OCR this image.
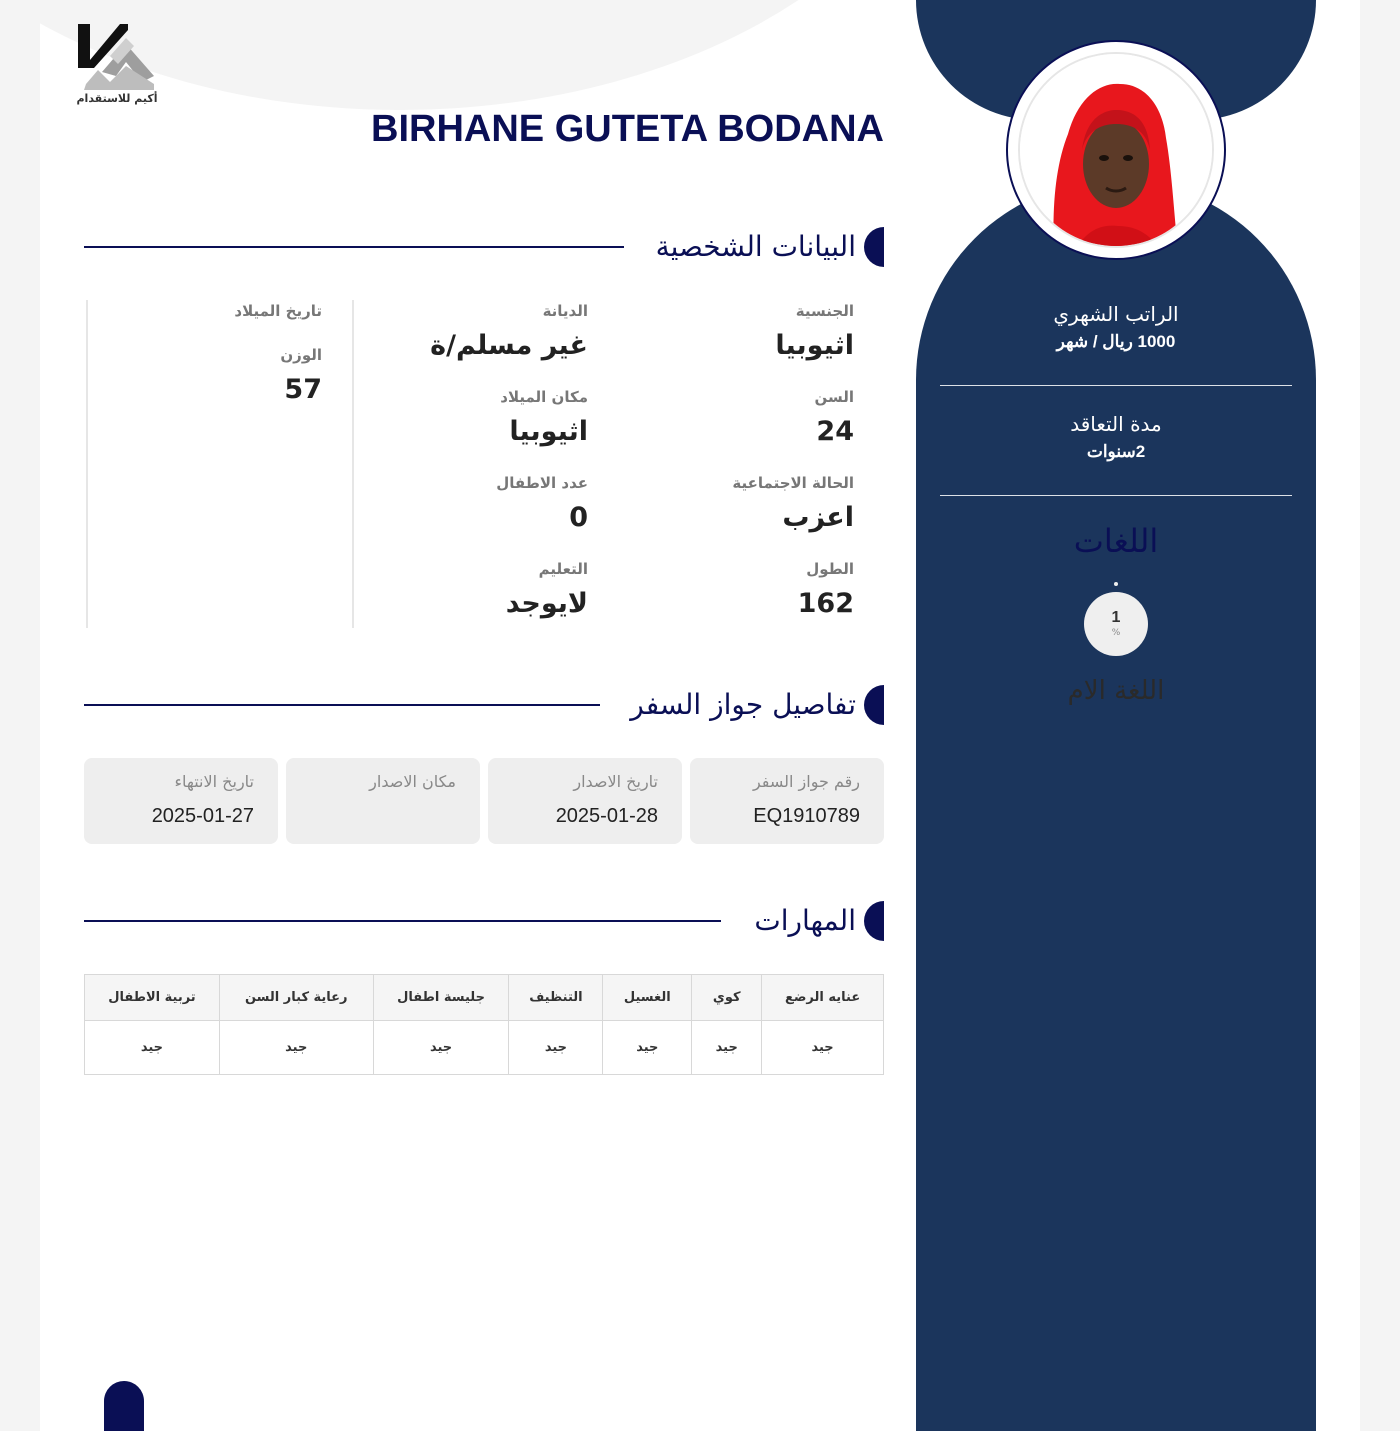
أكيم للاستقدام
BIRHANE GUTETA BODANA
الراتب الشهري
1000 ريال / شهر
مدة التعاقد
2سنوات
اللغات
1
%
اللغة الام
البيانات الشخصية
الجنسية
اثيوبيا
السن
24
الحالة الاجتماعية
اعزب
الطول
162
الديانة
غير مسلم/ة
مكان الميلاد
اثيوبيا
عدد الاطفال
0
التعليم
لايوجد
تاريخ الميلاد
الوزن
57
تفاصيل جواز السفر
رقم جواز السفر
EQ1910789
تاريخ الاصدار
2025-01-28
مكان الاصدار
تاريخ الانتهاء
2025-01-27
المهارات
عنايه الرضع	كوي	الغسيل	التنظيف	جليسة اطفال	رعاية كبار السن	تربية الاطفال
جيد	جيد	جيد	جيد	جيد	جيد	جيد
